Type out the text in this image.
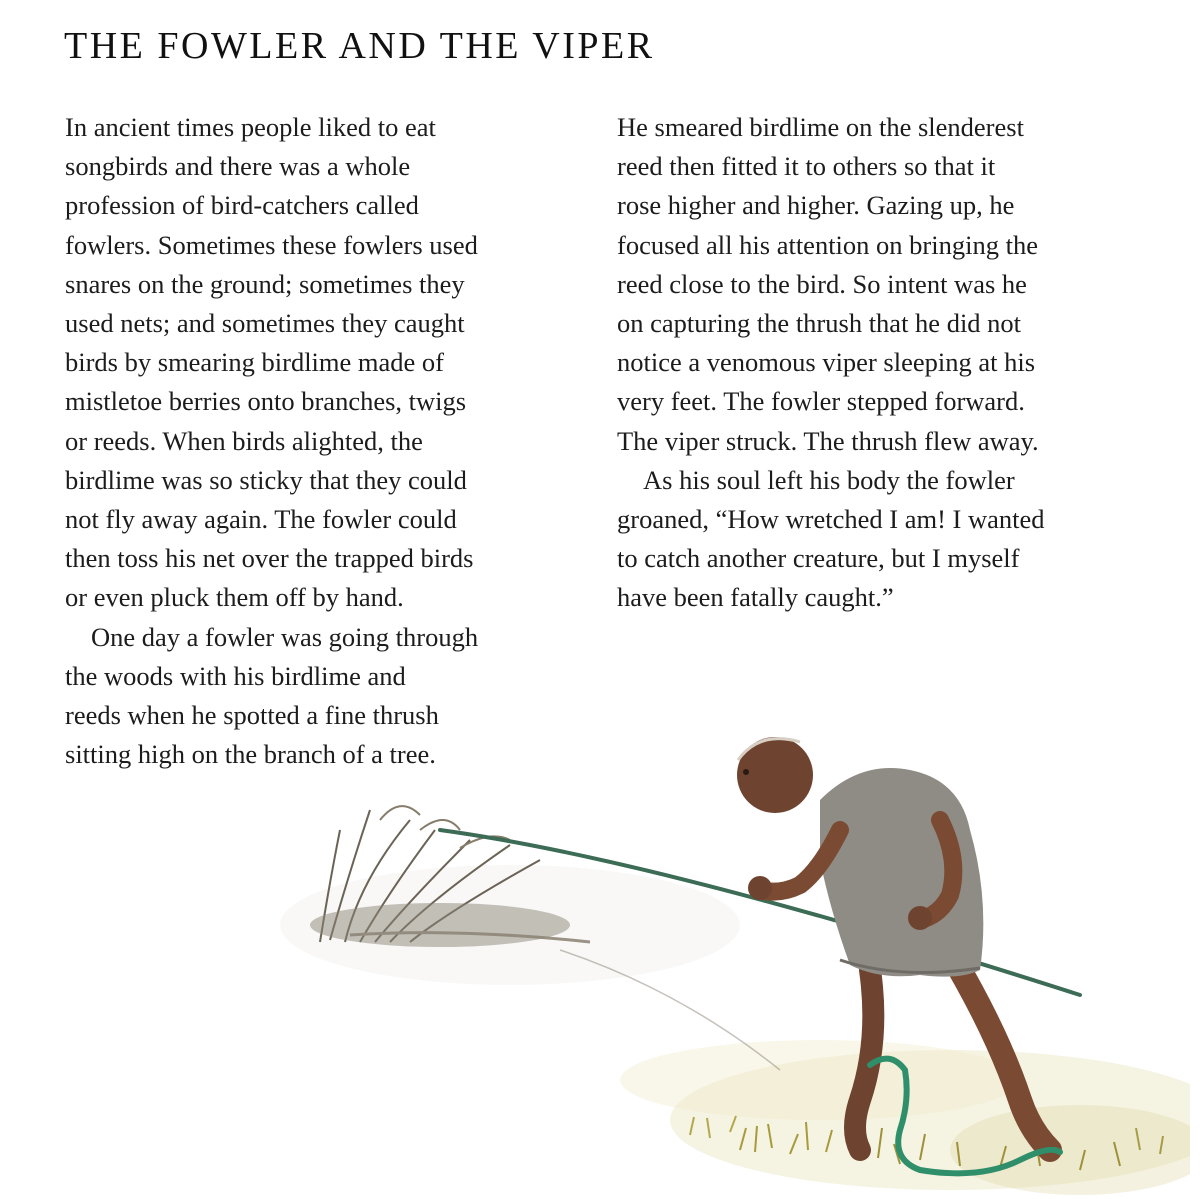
THE FOWLER AND THE VIPER
In ancient times people liked to eat
songbirds and there was a whole
profession of bird-catchers called
fowlers. Sometimes these fowlers used
snares on the ground; sometimes they
used nets; and sometimes they caught
birds by smearing birdlime made of
mistletoe berries onto branches, twigs
or reeds. When birds alighted, the
birdlime was so sticky that they could
not fly away again. The fowler could
then toss his net over the trapped birds
or even pluck them off by hand.
One day a fowler was going through
the woods with his birdlime and
reeds when he spotted a fine thrush
sitting high on the branch of a tree.
He smeared birdlime on the slenderest
reed then fitted it to others so that it
rose higher and higher. Gazing up, he
focused all his attention on bringing the
reed close to the bird. So intent was he
on capturing the thrush that he did not
notice a venomous viper sleeping at his
very feet. The fowler stepped forward.
The viper struck. The thrush flew away.
As his soul left his body the fowler
groaned, “How wretched I am! I wanted
to catch another creature, but I myself
have been fatally caught.”
